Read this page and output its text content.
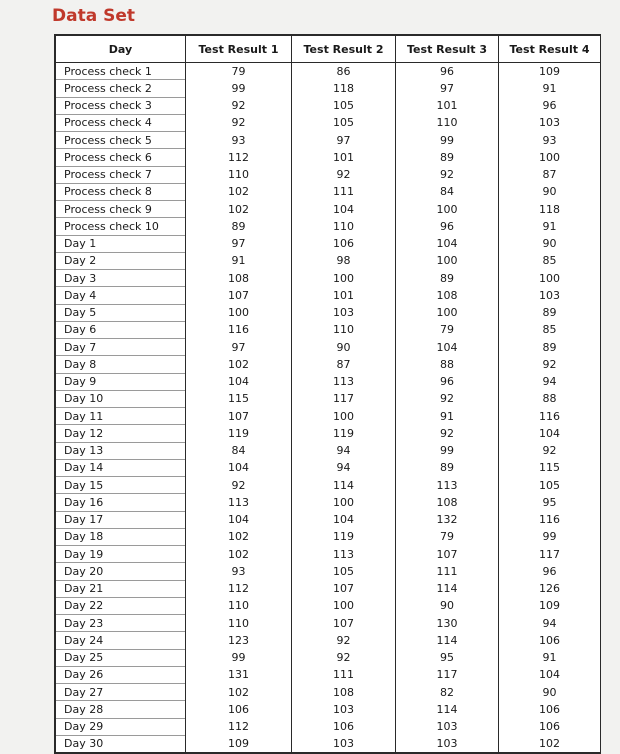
Data Set
Day	Test Result 1	Test Result 2	Test Result 3	Test Result 4
Process check 1	79	86	96	109
Process check 2	99	118	97	91
Process check 3	92	105	101	96
Process check 4	92	105	110	103
Process check 5	93	97	99	93
Process check 6	112	101	89	100
Process check 7	110	92	92	87
Process check 8	102	111	84	90
Process check 9	102	104	100	118
Process check 10	89	110	96	91
Day 1	97	106	104	90
Day 2	91	98	100	85
Day 3	108	100	89	100
Day 4	107	101	108	103
Day 5	100	103	100	89
Day 6	116	110	79	85
Day 7	97	90	104	89
Day 8	102	87	88	92
Day 9	104	113	96	94
Day 10	115	117	92	88
Day 11	107	100	91	116
Day 12	119	119	92	104
Day 13	84	94	99	92
Day 14	104	94	89	115
Day 15	92	114	113	105
Day 16	113	100	108	95
Day 17	104	104	132	116
Day 18	102	119	79	99
Day 19	102	113	107	117
Day 20	93	105	111	96
Day 21	112	107	114	126
Day 22	110	100	90	109
Day 23	110	107	130	94
Day 24	123	92	114	106
Day 25	99	92	95	91
Day 26	131	111	117	104
Day 27	102	108	82	90
Day 28	106	103	114	106
Day 29	112	106	103	106
Day 30	109	103	103	102
